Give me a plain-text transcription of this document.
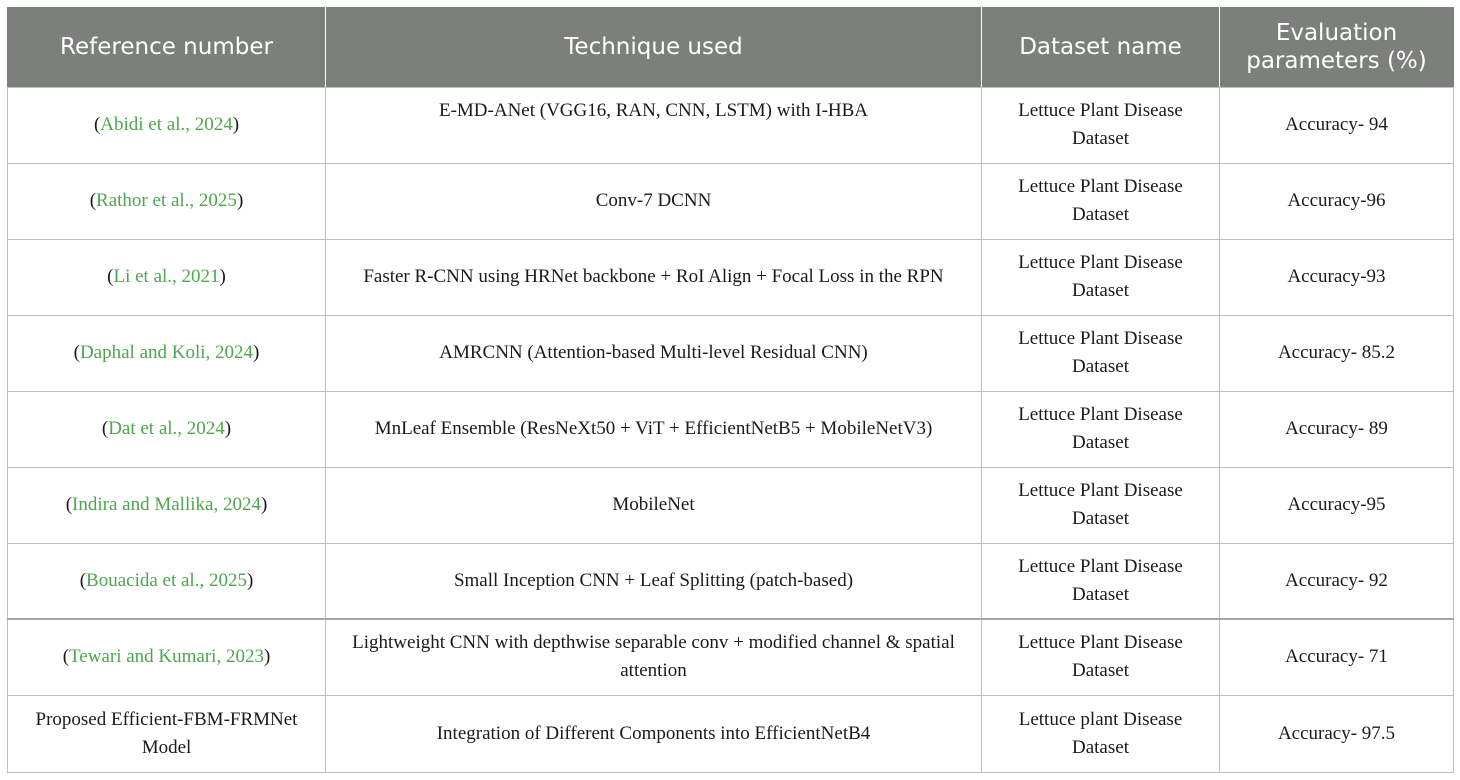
Reference number	Technique used	Dataset name	Evaluation parameters (%)
(Abidi et al., 2024)	E-MD-ANet (VGG16, RAN, CNN, LSTM) with I-HBA	Lettuce Plant Disease Dataset	Accuracy- 94
(Rathor et al., 2025)	Conv-7 DCNN	Lettuce Plant Disease Dataset	Accuracy-96
(Li et al., 2021)	Faster R-CNN using HRNet backbone + RoI Align + Focal Loss in the RPN	Lettuce Plant Disease Dataset	Accuracy-93
(Daphal and Koli, 2024)	AMRCNN (Attention-based Multi-level Residual CNN)	Lettuce Plant Disease Dataset	Accuracy- 85.2
(Dat et al., 2024)	MnLeaf Ensemble (ResNeXt50 + ViT + EfficientNetB5 + MobileNetV3)	Lettuce Plant Disease Dataset	Accuracy- 89
(Indira and Mallika, 2024)	MobileNet	Lettuce Plant Disease Dataset	Accuracy-95
(Bouacida et al., 2025)	Small Inception CNN + Leaf Splitting (patch-based)	Lettuce Plant Disease Dataset	Accuracy- 92
(Tewari and Kumari, 2023)	Lightweight CNN with depthwise separable conv + modified channel & spatial attention	Lettuce Plant Disease Dataset	Accuracy- 71
Proposed Efficient-FBM-FRMNet Model	Integration of Different Components into EfficientNetB4	Lettuce plant Disease Dataset	Accuracy- 97.5
